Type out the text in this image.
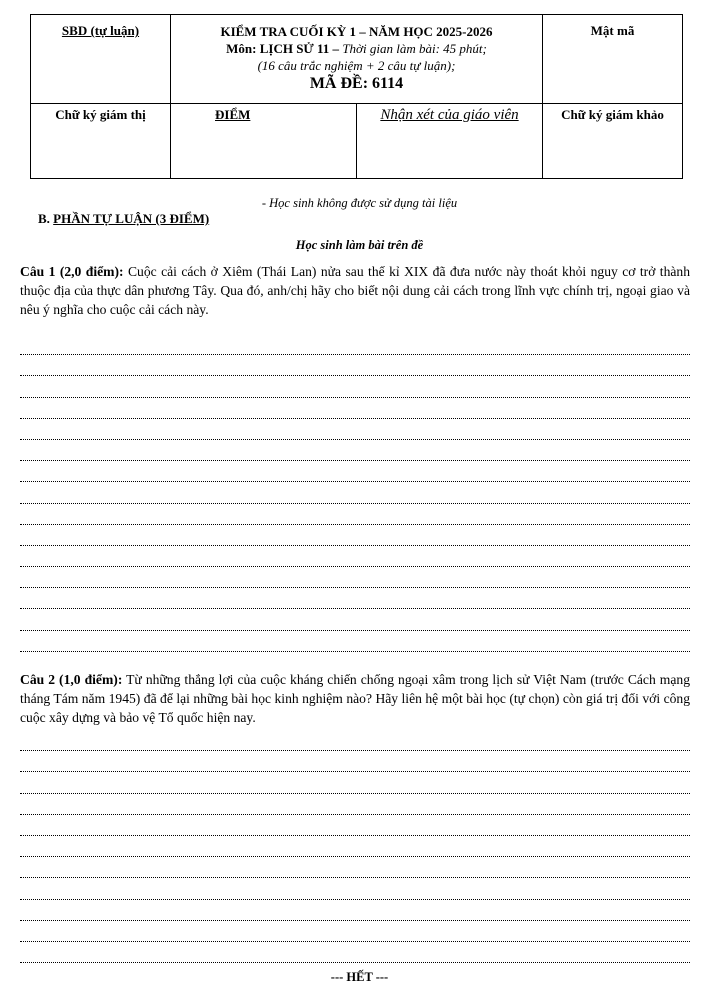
SBD (tự luận)	KIỂM TRA CUỐI KỲ 1 – NĂM HỌC 2025-2026
Môn: LỊCH SỬ 11 – Thời gian làm bài: 45 phút;
(16 câu trắc nghiệm + 2 câu tự luận);
MÃ ĐỀ: 6114		Mật mã

Chữ ký giám thị	ĐIỂM	Nhận xét của giáo viên	Chữ ký giám khảo
- Học sinh không được sử dụng tài liệu
B. PHẦN TỰ LUẬN (3 ĐIỂM)
Học sinh làm bài trên đề
Câu 1 (2,0 điểm): Cuộc cải cách ở Xiêm (Thái Lan) nửa sau thế kỉ XIX đã đưa nước này thoát khỏi nguy cơ trở thành thuộc địa của thực dân phương Tây. Qua đó, anh/chị hãy cho biết nội dung cải cách trong lĩnh vực chính trị, ngoại giao và nêu ý nghĩa cho cuộc cải cách này.
Câu 2 (1,0 điểm): Từ những thắng lợi của cuộc kháng chiến chống ngoại xâm trong lịch sử Việt Nam (trước Cách mạng tháng Tám năm 1945) đã để lại những bài học kinh nghiệm nào? Hãy liên hệ một bài học (tự chọn) còn giá trị đối với công cuộc xây dựng và bảo vệ Tổ quốc hiện nay.
--- HẾT ---
